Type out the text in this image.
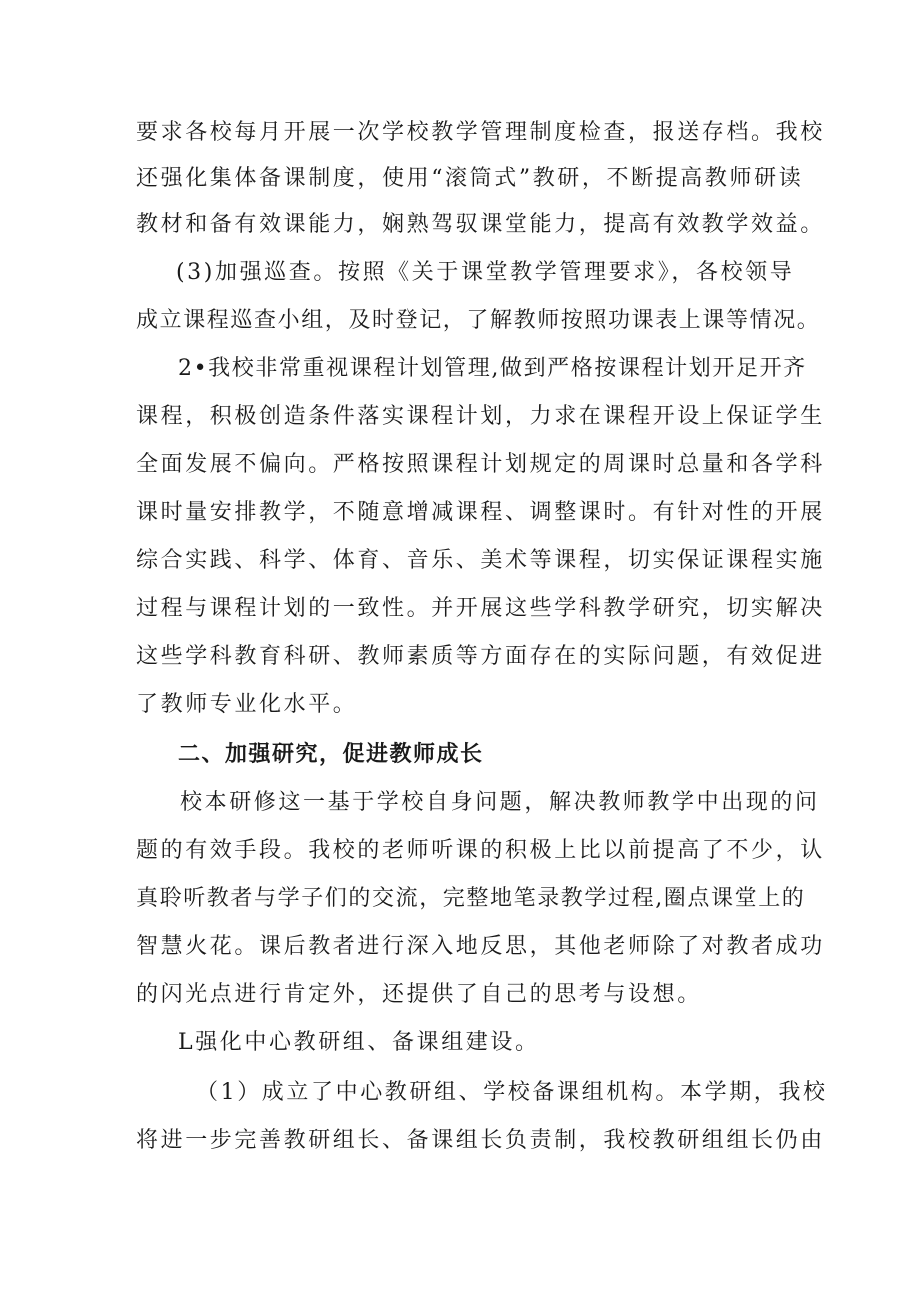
要求各校每月开展一次学校教学管理制度检查，报送存档。我校
还强化集体备课制度，使用“滚筒式”教研，不断提高教师研读
教材和备有效课能力，娴熟驾驭课堂能力，提高有效教学效益。
(3)加强巡查。按照《关于课堂教学管理要求》，各校领导
成立课程巡查小组，及时登记，了解教师按照功课表上课等情况。
2•我校非常重视课程计划管理,做到严格按课程计划开足开齐
课程，积极创造条件落实课程计划，力求在课程开设上保证学生
全面发展不偏向。严格按照课程计划规定的周课时总量和各学科
课时量安排教学，不随意增减课程、调整课时。有针对性的开展
综合实践、科学、体育、音乐、美术等课程，切实保证课程实施
过程与课程计划的一致性。并开展这些学科教学研究，切实解决
这些学科教育科研、教师素质等方面存在的实际问题，有效促进
了教师专业化水平。
二、加强研究，促进教师成长
校本研修这一基于学校自身问题，解决教师教学中出现的问
题的有效手段。我校的老师听课的积极上比以前提高了不少，认
真聆听教者与学子们的交流，完整地笔录教学过程,圈点课堂上的
智慧火花。课后教者进行深入地反思，其他老师除了对教者成功
的闪光点进行肯定外，还提供了自己的思考与设想。
L强化中心教研组、备课组建设。
（1）成立了中心教研组、学校备课组机构。本学期，我校
将进一步完善教研组长、备课组长负责制，我校教研组组长仍由
